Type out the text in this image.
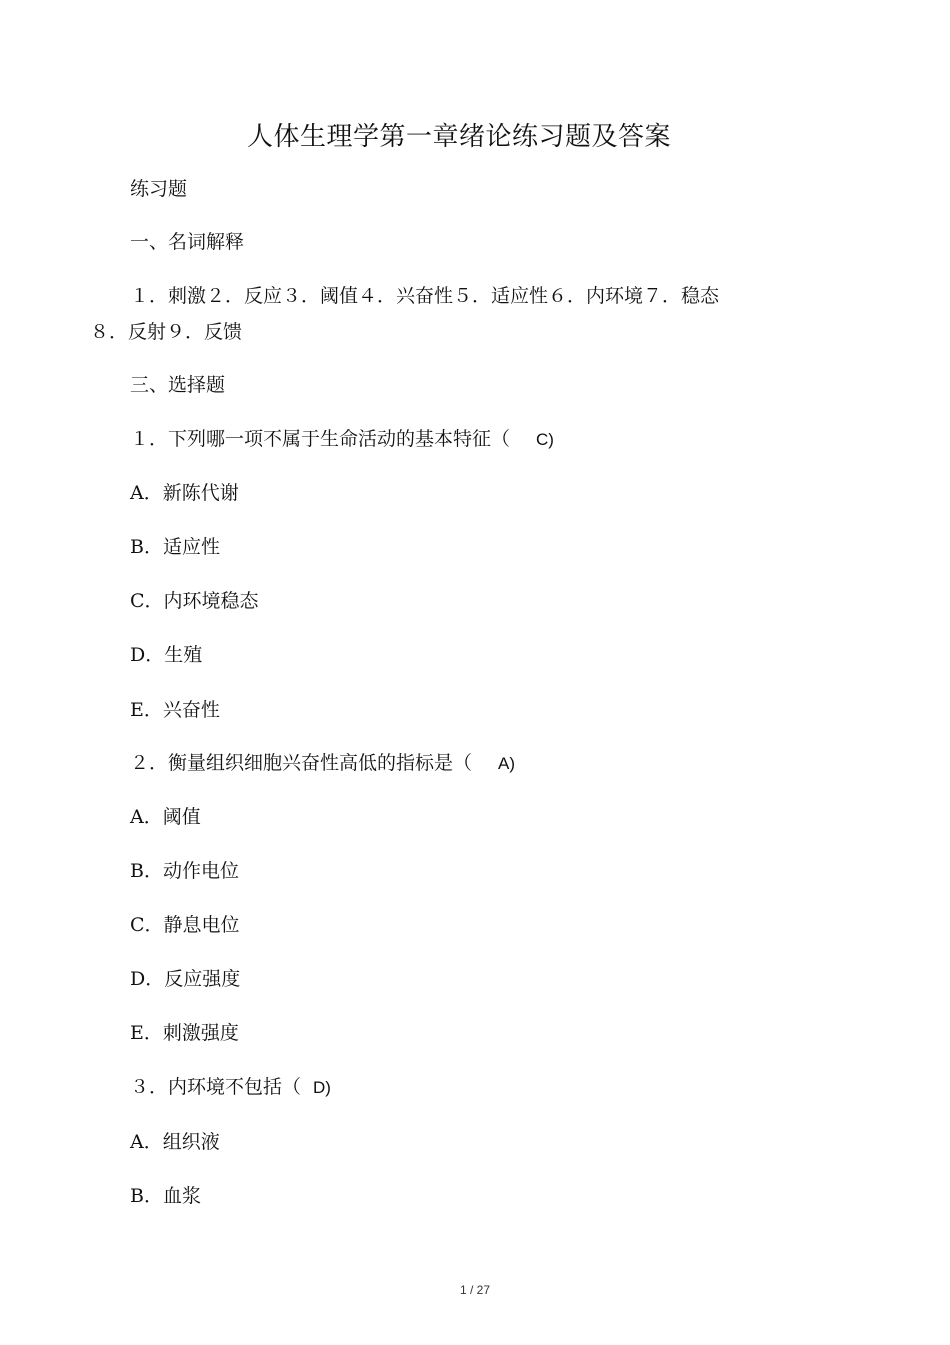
人体生理学第一章绪论练习题及答案
练习题
一、名词解释
１．刺激２．反应３．阈值４．兴奋性５．适应性６．内环境７．稳态
８．反射９．反馈
三、选择题
１．下列哪一项不属于生命活动的基本特征（ C)
A．新陈代谢
B．适应性
C．内环境稳态
D．生殖
E．兴奋性
２．衡量组织细胞兴奋性高低的指标是（ A)
A．阈值
B．动作电位
C．静息电位
D．反应强度
E．刺激强度
３．内环境不包括（ D)
A．组织液
B．血浆
1 / 27
